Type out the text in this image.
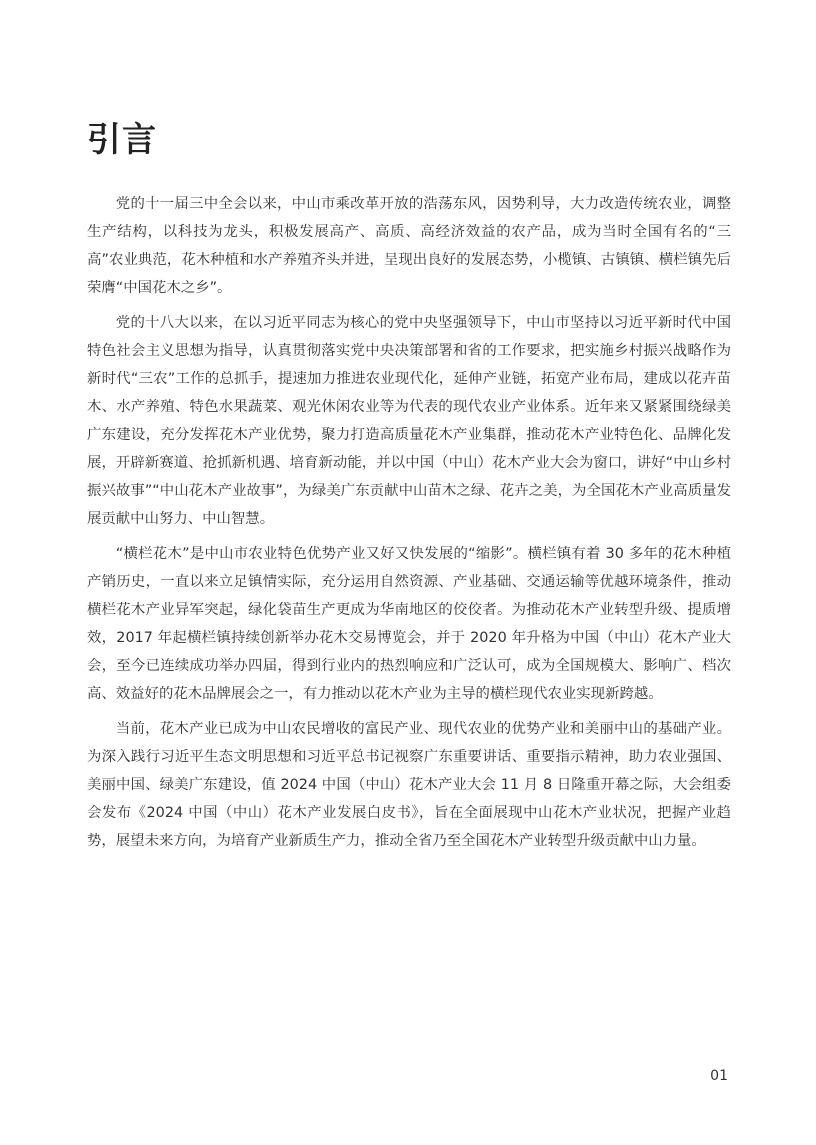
引言

党的十一届三中全会以来，中山市乘改革开放的浩荡东风，因势利导，大力改造传统农业，调整生产结构，以科技为龙头，积极发展高产、高质、高经济效益的农产品，成为当时全国有名的“三高”农业典范，花木种植和水产养殖齐头并进，呈现出良好的发展态势，小榄镇、古镇镇、横栏镇先后荣膺“中国花木之乡”。

党的十八大以来，在以习近平同志为核心的党中央坚强领导下，中山市坚持以习近平新时代中国特色社会主义思想为指导，认真贯彻落实党中央决策部署和省的工作要求，把实施乡村振兴战略作为新时代“三农”工作的总抓手，提速加力推进农业现代化，延伸产业链，拓宽产业布局，建成以花卉苗木、水产养殖、特色水果蔬菜、观光休闲农业等为代表的现代农业产业体系。近年来又紧紧围绕绿美广东建设，充分发挥花木产业优势，聚力打造高质量花木产业集群，推动花木产业特色化、品牌化发展，开辟新赛道、抢抓新机遇、培育新动能，并以中国（中山）花木产业大会为窗口，讲好“中山乡村振兴故事”“中山花木产业故事”，为绿美广东贡献中山苗木之绿、花卉之美，为全国花木产业高质量发展贡献中山努力、中山智慧。

“横栏花木”是中山市农业特色优势产业又好又快发展的“缩影”。横栏镇有着 30 多年的花木种植产销历史，一直以来立足镇情实际，充分运用自然资源、产业基础、交通运输等优越环境条件，推动横栏花木产业异军突起，绿化袋苗生产更成为华南地区的佼佼者。为推动花木产业转型升级、提质增效，2017 年起横栏镇持续创新举办花木交易博览会，并于 2020 年升格为中国（中山）花木产业大会，至今已连续成功举办四届，得到行业内的热烈响应和广泛认可，成为全国规模大、影响广、档次高、效益好的花木品牌展会之一，有力推动以花木产业为主导的横栏现代农业实现新跨越。

当前，花木产业已成为中山农民增收的富民产业、现代农业的优势产业和美丽中山的基础产业。为深入践行习近平生态文明思想和习近平总书记视察广东重要讲话、重要指示精神，助力农业强国、美丽中国、绿美广东建设，值 2024 中国（中山）花木产业大会 11 月 8 日隆重开幕之际，大会组委会发布《2024 中国（中山）花木产业发展白皮书》，旨在全面展现中山花木产业状况，把握产业趋势，展望未来方向，为培育产业新质生产力，推动全省乃至全国花木产业转型升级贡献中山力量。

01
